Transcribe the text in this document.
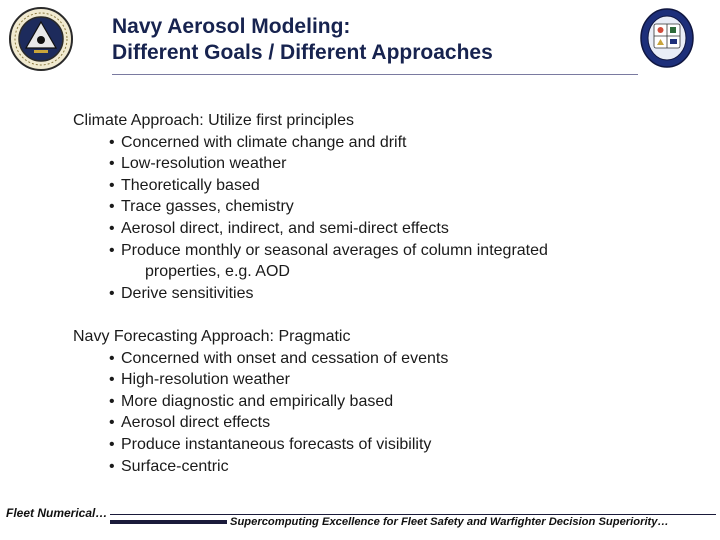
Navy Aerosol Modeling:
Different Goals / Different Approaches
Climate Approach: Utilize first principles
• Concerned with climate change and drift
• Low-resolution weather
• Theoretically based
• Trace gasses, chemistry
• Aerosol direct, indirect, and semi-direct effects
• Produce monthly or seasonal averages of column integrated
properties, e.g. AOD
• Derive sensitivities
Navy Forecasting Approach: Pragmatic
• Concerned with onset and cessation of events
• High-resolution weather
• More diagnostic and empirically based
• Aerosol direct effects
• Produce instantaneous forecasts of visibility
• Surface-centric
Fleet Numerical…
Supercomputing Excellence for Fleet Safety and Warfighter Decision Superiority…
